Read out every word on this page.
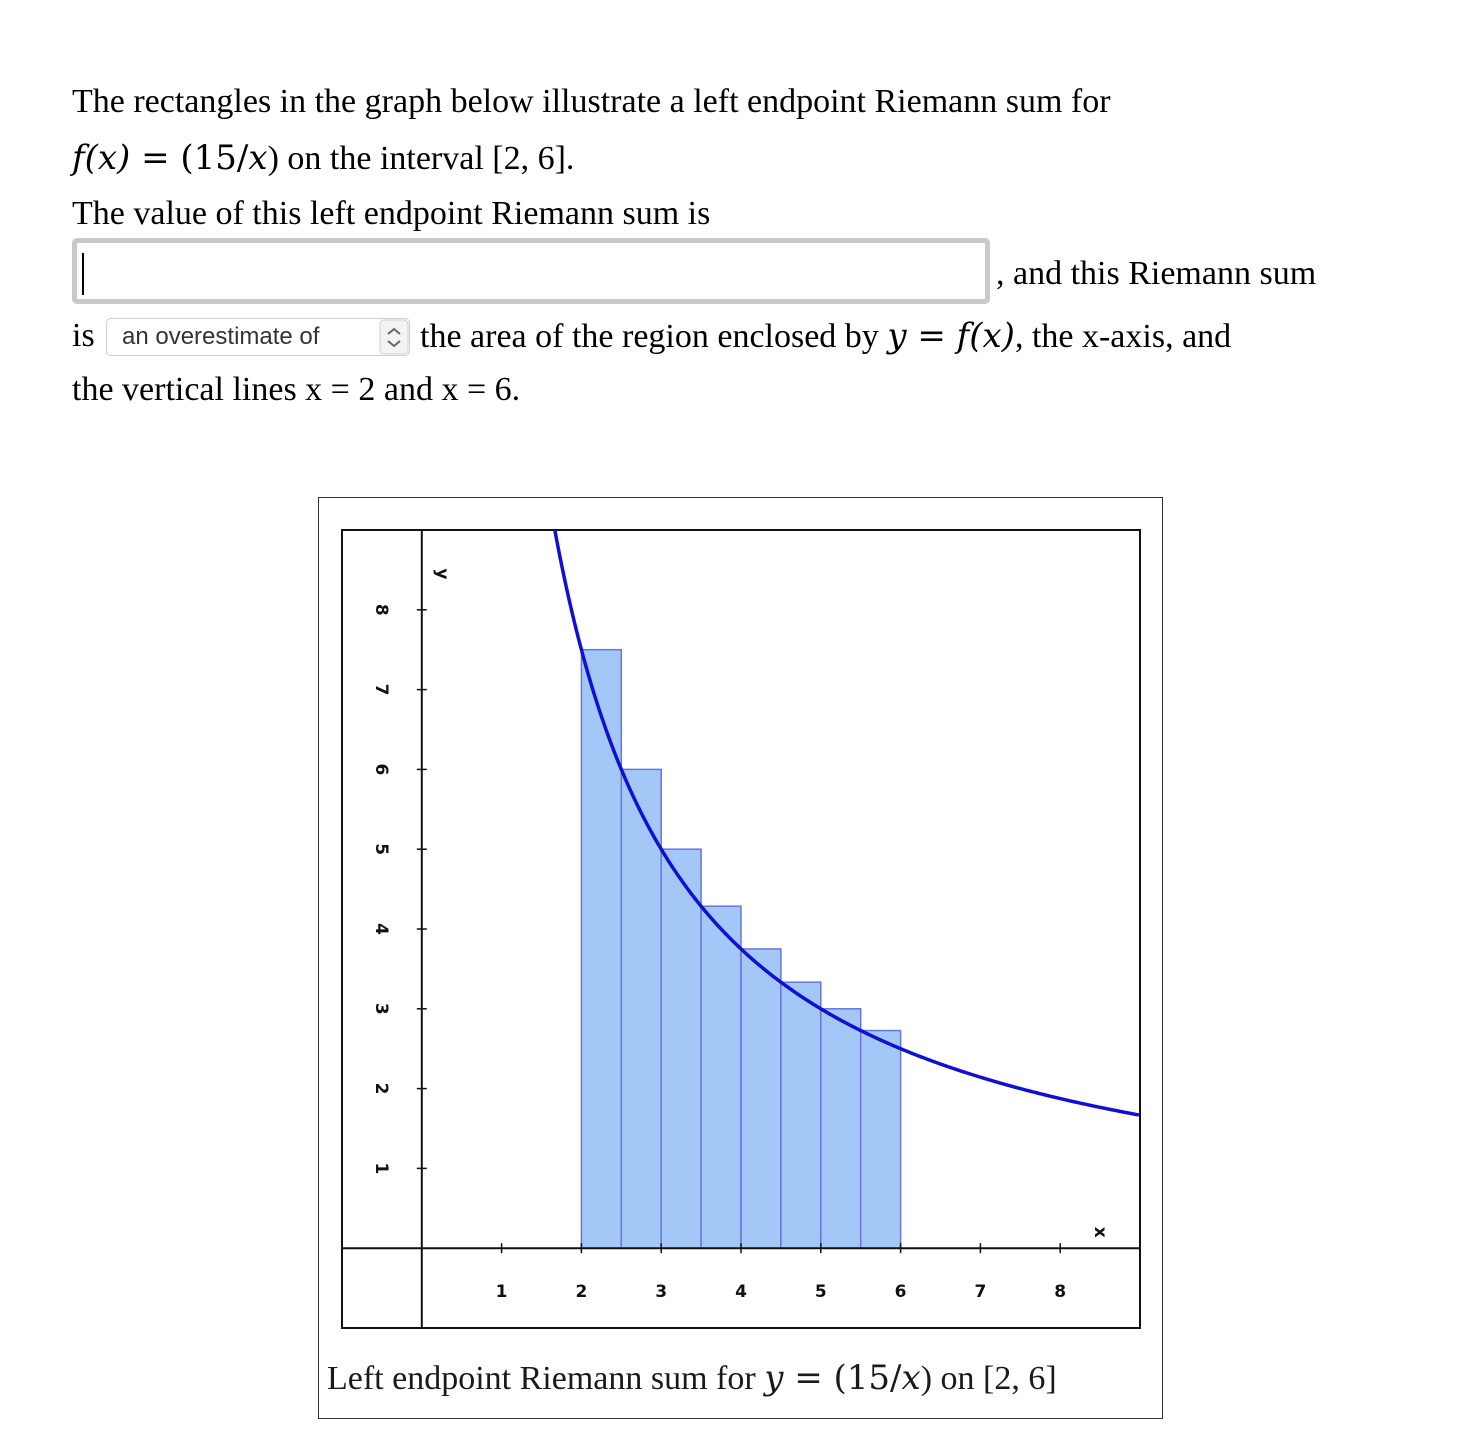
The rectangles in the graph below illustrate a left endpoint Riemann sum for
f(x) = (15/x) on the interval [2, 6].
The value of this left endpoint Riemann sum is
, and this Riemann sum
is an overestimate of	the area of the region enclosed by y = f(x), the x-axis, and
the vertical lines x = 2 and x = 6.
1	2	3	4	5	6	7	8
1
2
3
4
5
6
7
8
x
y
Left endpoint Riemann sum for y = (15/x) on [2, 6]
